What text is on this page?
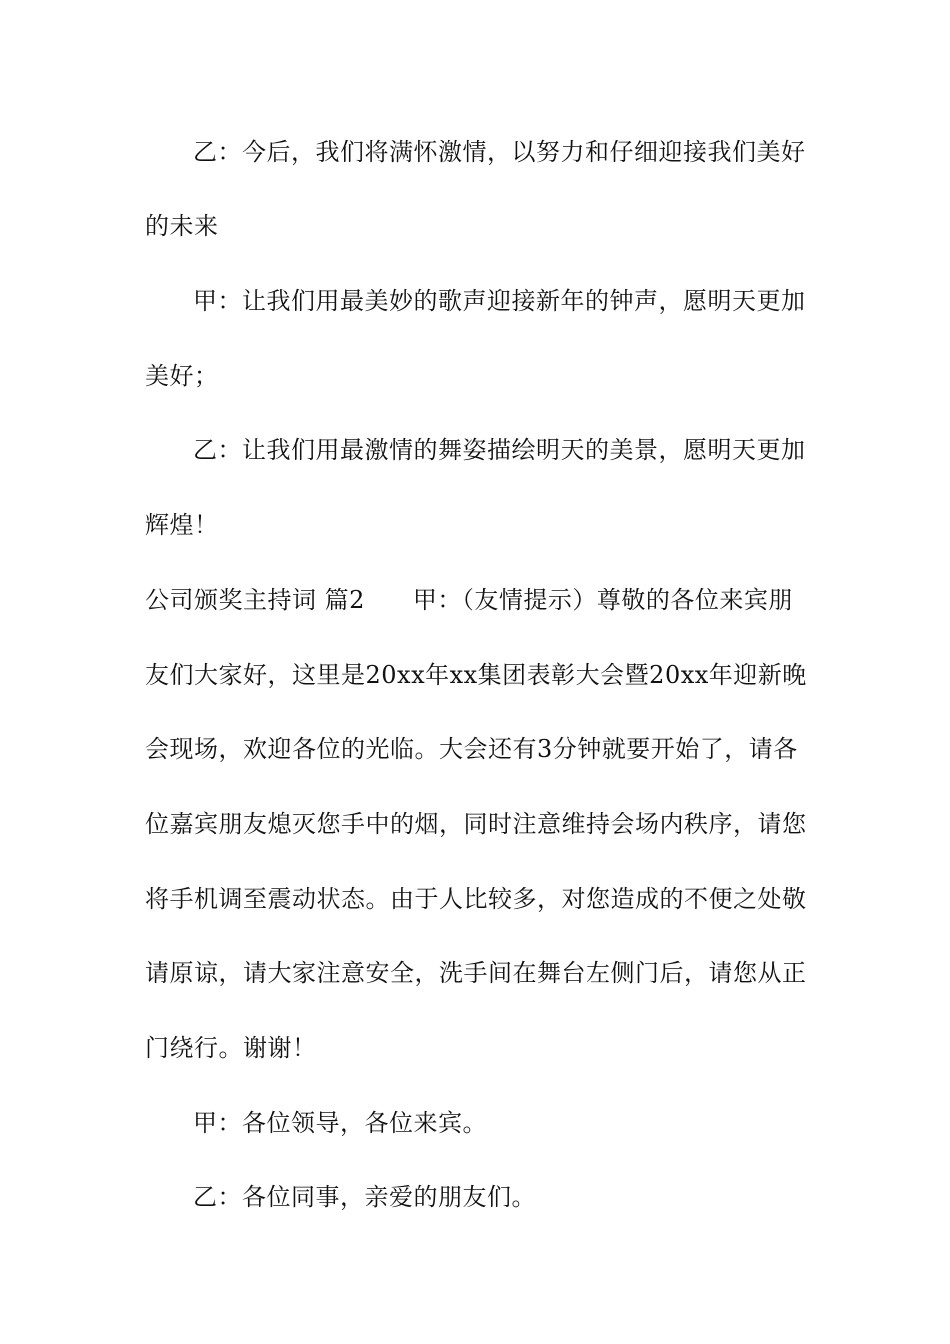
乙：今后，我们将满怀激情，以努力和仔细迎接我们美好
的未来
甲：让我们用最美妙的歌声迎接新年的钟声，愿明天更加
美好；
乙：让我们用最激情的舞姿描绘明天的美景，愿明天更加
辉煌！
公司颁奖主持词 篇2 甲：（友情提示）尊敬的各位来宾朋
友们大家好，这里是20xx年xx集团表彰大会暨20xx年迎新晚
会现场，欢迎各位的光临。大会还有3分钟就要开始了，请各
位嘉宾朋友熄灭您手中的烟，同时注意维持会场内秩序，请您
将手机调至震动状态。由于人比较多，对您造成的不便之处敬
请原谅，请大家注意安全，洗手间在舞台左侧门后，请您从正
门绕行。谢谢！
甲：各位领导，各位来宾。
乙：各位同事，亲爱的朋友们。
